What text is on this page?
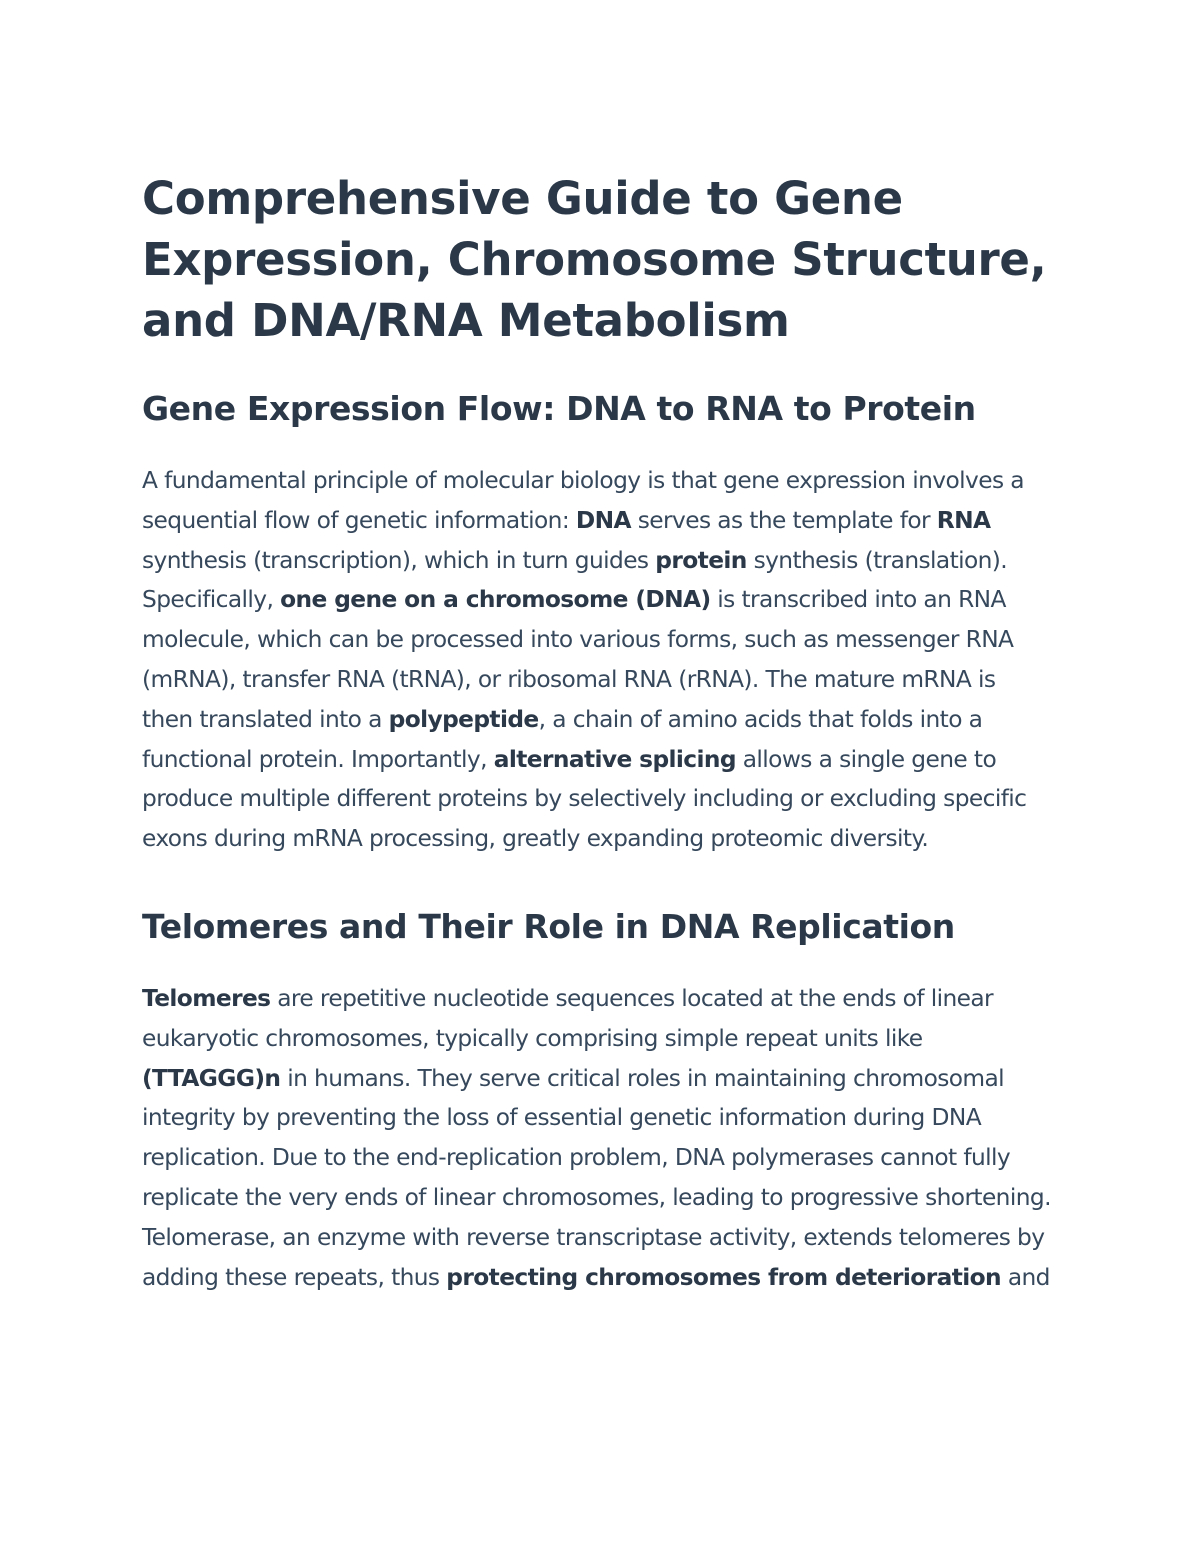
Comprehensive Guide to Gene Expression, Chromosome Structure, and DNA/RNA Metabolism
Gene Expression Flow: DNA to RNA to Protein

A fundamental principle of molecular biology is that gene expression involves a sequential flow of genetic information: DNA serves as the template for RNA synthesis (transcription), which in turn guides protein synthesis (translation). Specifically, one gene on a chromosome (DNA) is transcribed into an RNA molecule, which can be processed into various forms, such as messenger RNA (mRNA), transfer RNA (tRNA), or ribosomal RNA (rRNA). The mature mRNA is then translated into a polypeptide, a chain of amino acids that folds into a functional protein. Importantly, alternative splicing allows a single gene to produce multiple different proteins by selectively including or excluding specific exons during mRNA processing, greatly expanding proteomic diversity.

Telomeres and Their Role in DNA Replication

Telomeres are repetitive nucleotide sequences located at the ends of linear eukaryotic chromosomes, typically comprising simple repeat units like (TTAGGG)n in humans. They serve critical roles in maintaining chromosomal integrity by preventing the loss of essential genetic information during DNA replication. Due to the end-replication problem, DNA polymerases cannot fully replicate the very ends of linear chromosomes, leading to progressive shortening. Telomerase, an enzyme with reverse transcriptase activity, extends telomeres by adding these repeats, thus protecting chromosomes from deterioration and
